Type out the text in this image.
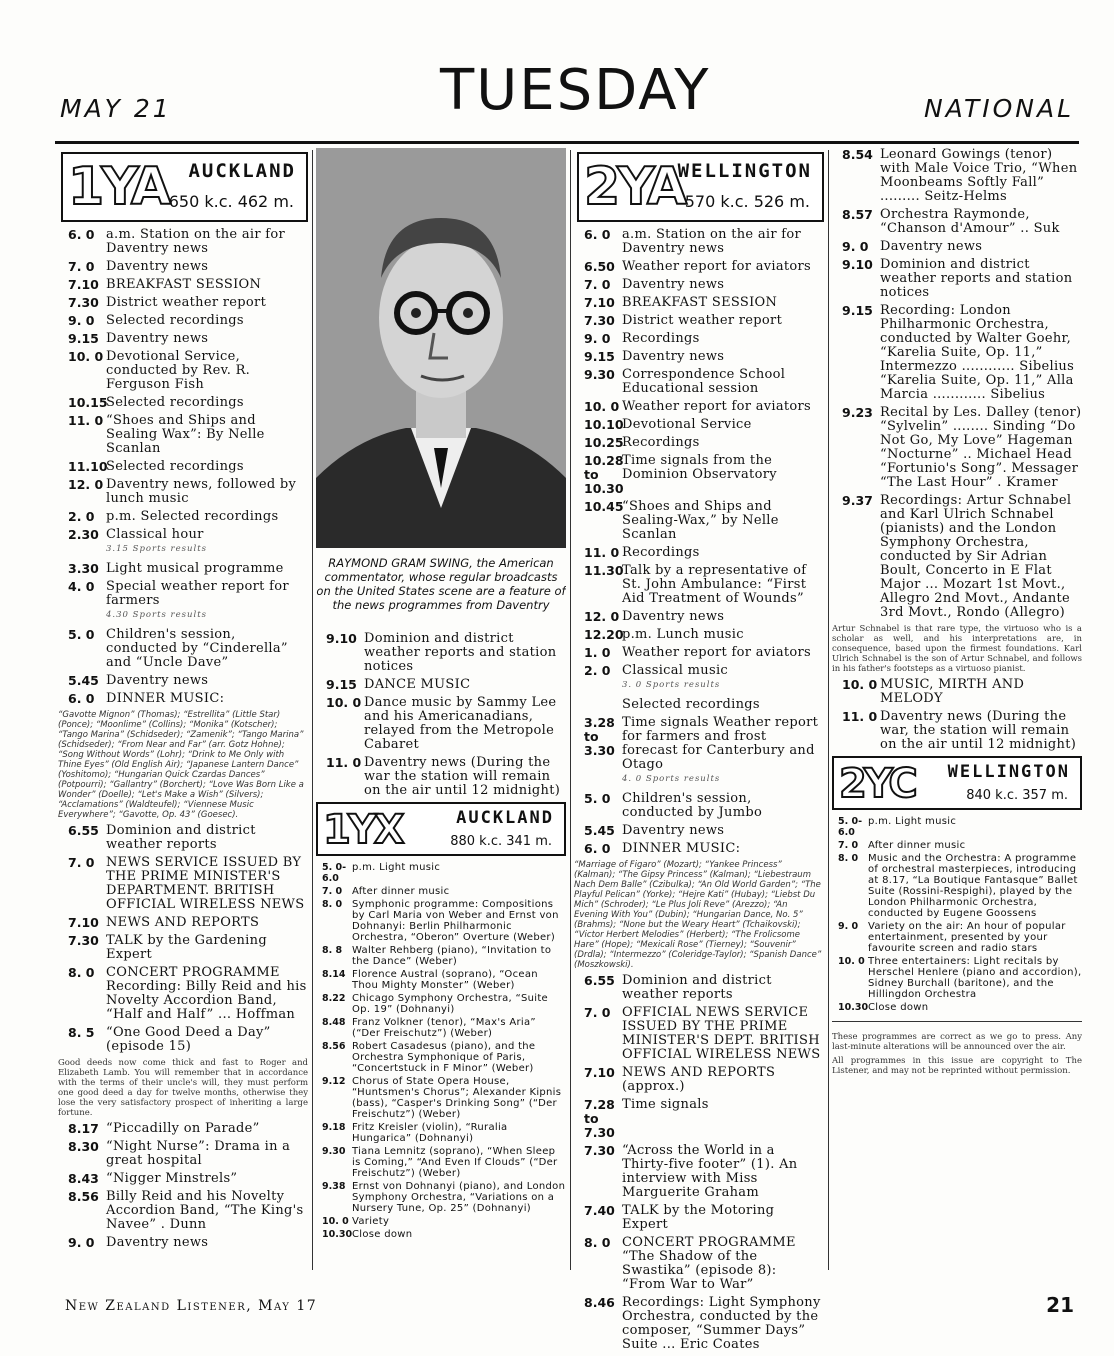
MAY 21	TUESDAY	NATIONAL
1YA AUCKLAND
650 k.c. 462 m.
6. 0 a.m. Station on the air for Daventry news
7. 0 Daventry news
7.10 BREAKFAST SESSION
7.30 District weather report
9. 0 Selected recordings
9.15 Daventry news
10. 0 Devotional Service, conducted by Rev. R. Ferguson Fish
10.15
Selected recordings
11. 0 “Shoes and Ships and Sealing Wax”: By Nelle Scanlan
11.10
Selected recordings
12. 0 Daventry news, followed by lunch music
2. 0 p.m. Selected recordings
2.30 Classical hour
3.15 Sports results
3.30 Light musical programme
4. 0 Special weather report for farmers
4.30 Sports results
5. 0 Children's session, conducted by “Cinderella” and “Uncle Dave”
5.45 Daventry news
6. 0 DINNER MUSIC:
“Gavotte Mignon” (Thomas); “Estrellita” (Little Star) (Ponce); “Moonlime” (Collins); “Monika” (Kotscher); “Tango Marina” (Schidseder); “Zamenik”; “Tango Marina” (Schidseder); “From Near and Far” (arr. Gotz Hohne); “Song Without Words” (Lohr); “Drink to Me Only with Thine Eyes” (Old English Air); “Japanese Lantern Dance” (Yoshitomo); “Hungarian Quick Czardas Dances” (Potpourri); “Gallantry” (Borchert); “Love Was Born Like a Wonder” (Doelle); “Let's Make a Wish” (Silvers); “Acclamations” (Waldteufel); “Viennese Music Everywhere”; “Gavotte, Op. 43” (Goesec).
6.55 Dominion and district weather reports
7. 0 NEWS SERVICE ISSUED BY THE PRIME MINISTER'S DEPARTMENT. BRITISH OFFICIAL WIRELESS NEWS
7.10 NEWS AND REPORTS
7.30 TALK by the Gardening Expert
8. 0 CONCERT PROGRAMME Recording: Billy Reid and his Novelty Accordion Band, “Half and Half” ... Hoffman
8. 5 “One Good Deed a Day” (episode 15)
Good deeds now come thick and fast to Roger and Elizabeth Lamb. You will remember that in accordance with the terms of their uncle's will, they must perform one good deed a day for twelve months, otherwise they lose the very satisfactory prospect of inheriting a large fortune.
8.17 “Piccadilly on Parade”
8.30 “Night Nurse”: Drama in a great hospital
8.43 “Nigger Minstrels”
8.56 Billy Reid and his Novelty Accordion Band, “The King's Navee” . Dunn
9. 0 Daventry news
RAYMOND GRAM SWING, the American commentator, whose regular broadcasts on the United States scene are a feature of the news programmes from Daventry
9.10 Dominion and district weather reports and station notices
9.15 DANCE MUSIC
10. 0 Dance music by Sammy Lee and his Americanadians, relayed from the Metropole Cabaret
11. 0 Daventry news (During the war the station will remain on the air until 12 midnight)
1YX	AUCKLAND
880 k.c. 341 m.
5. 0-6.0
p.m. Light music
7. 0 After dinner music
8. 0 Symphonic programme: Compositions by Carl Maria von Weber and Ernst von Dohnanyi: Berlin Philharmonic Orchestra, “Oberon” Overture (Weber)
8. 8 Walter Rehberg (piano), “Invitation to the Dance” (Weber)
8.14 Florence Austral (soprano), “Ocean Thou Mighty Monster” (Weber)
8.22 Chicago Symphony Orchestra, “Suite Op. 19” (Dohnanyi)
8.48 Franz Volkner (tenor), “Max's Aria” (“Der Freischutz”) (Weber)
8.56 Robert Casadesus (piano), and the Orchestra Symphonique of Paris, “Concertstuck in F Minor” (Weber)
9.12 Chorus of State Opera House, “Huntsmen's Chorus”; Alexander Kipnis (bass), “Casper's Drinking Song” (“Der Freischutz”) (Weber)
9.18 Fritz Kreisler (violin), “Ruralia Hungarica” (Dohnanyi)
9.30 Tiana Lemnitz (soprano), “When Sleep is Coming,” “And Even If Clouds” (“Der Freischutz”) (Weber)
9.38 Ernst von Dohnanyi (piano), and London Symphony Orchestra, “Variations on a Nursery Tune, Op. 25” (Dohnanyi)
10. 0 Variety
10.30 Close down
2YA
WELLINGTON
570 k.c. 526 m.
6. 0 a.m. Station on the air for Daventry news
6.50 Weather report for aviators
7. 0 Daventry news
7.10 BREAKFAST SESSION
7.30 District weather report
9. 0 Recordings
9.15 Daventry news
9.30 Correspondence School Educational session
10. 0 Weather report for aviators
10.10
Devotional Service
10.25
Recordings
10.28 to 10.30
Time signals from the Dominion Observatory
10.45
“Shoes and Ships and Sealing-Wax,” by Nelle Scanlan
11. 0 Recordings
11.30
Talk by a representative of St. John Ambulance: “First Aid Treatment of Wounds”
12. 0 Daventry news
12.20
p.m. Lunch music
1. 0 Weather report for aviators
2. 0 Classical music
3. 0 Sports results
Selected recordings
3.28 to 3.30
Time signals Weather report for farmers and frost forecast for Canterbury and Otago
4. 0 Sports results
5. 0 Children's session, conducted by Jumbo
5.45 Daventry news
6. 0 DINNER MUSIC:
“Marriage of Figaro” (Mozart); “Yankee Princess” (Kalman); “The Gipsy Princess” (Kalman); “Liebestraum Nach Dem Balle” (Czibulka); “An Old World Garden”; “The Playful Pelican” (Yorke); “Hejre Kati” (Hubay); “Liebst Du Mich” (Schroder); “Le Plus Joli Reve” (Arezzo); “An Evening With You” (Dubin); “Hungarian Dance, No. 5” (Brahms); “None but the Weary Heart” (Tchaikovski); “Victor Herbert Melodies” (Herbert); “The Frolicsome Hare” (Hope); “Mexicali Rose” (Tierney); “Souvenir” (Drdla); “Intermezzo” (Coleridge-Taylor); “Spanish Dance” (Moszkowski).
6.55 Dominion and district weather reports
7. 0 OFFICIAL NEWS SERVICE ISSUED BY THE PRIME MINISTER'S DEPT. BRITISH OFFICIAL WIRELESS NEWS
7.10 NEWS AND REPORTS (approx.)
7.28 to 7.30
Time signals
7.30 “Across the World in a Thirty-five footer” (1). An interview with Miss Marguerite Graham
7.40 TALK by the Motoring Expert
8. 0 CONCERT PROGRAMME “The Shadow of the Swastika” (episode 8): “From War to War”
8.46 Recordings: Light Symphony Orchestra, conducted by the composer, “Summer Days” Suite ... Eric Coates
8.54 Leonard Gowings (tenor) with Male Voice Trio, “When Moonbeams Softly Fall” ......... Seitz-Helms
8.57 Orchestra Raymonde, “Chanson d'Amour” .. Suk
9. 0 Daventry news
9.10 Dominion and district weather reports and station notices
9.15 Recording: London Philharmonic Orchestra, conducted by Walter Goehr, “Karelia Suite, Op. 11,” Intermezzo ............ Sibelius “Karelia Suite, Op. 11,” Alla Marcia ............ Sibelius
9.23 Recital by Les. Dalley (tenor) “Sylvelin” ........ Sinding “Do Not Go, My Love” Hageman “Nocturne” .. Michael Head “Fortunio's Song”. Messager “The Last Hour” . Kramer
9.37 Recordings: Artur Schnabel and Karl Ulrich Schnabel (pianists) and the London Symphony Orchestra, conducted by Sir Adrian Boult, Concerto in E Flat Major ... Mozart 1st Movt., Allegro 2nd Movt., Andante 3rd Movt., Rondo (Allegro)
Artur Schnabel is that rare type, the virtuoso who is a scholar as well, and his interpretations are, in consequence, based upon the firmest foundations. Karl Ulrich Schnabel is the son of Artur Schnabel, and follows in his father's footsteps as a virtuoso pianist.
10. 0 MUSIC, MIRTH AND MELODY
11. 0 Daventry news (During the war, the station will remain on the air until 12 midnight)
2YC WELLINGTON
840 k.c. 357 m.
5. 0-6.0
p.m. Light music
7. 0 After dinner music
8. 0 Music and the Orchestra: A programme of orchestral masterpieces, introducing at 8.17, “La Boutique Fantasque” Ballet Suite (Rossini-Respighi), played by the London Philharmonic Orchestra, conducted by Eugene Goossens
9. 0 Variety on the air: An hour of popular entertainment, presented by your favourite screen and radio stars
10. 0 Three entertainers: Light recitals by Herschel Henlere (piano and accordion), Sidney Burchall (baritone), and the Hillingdon Orchestra
10.30 Close down
These programmes are correct as we go to press. Any last-minute alterations will be announced over the air.
All programmes in this issue are copyright to The Listener, and may not be reprinted without permission.
New Zealand Listener, May 17	21
